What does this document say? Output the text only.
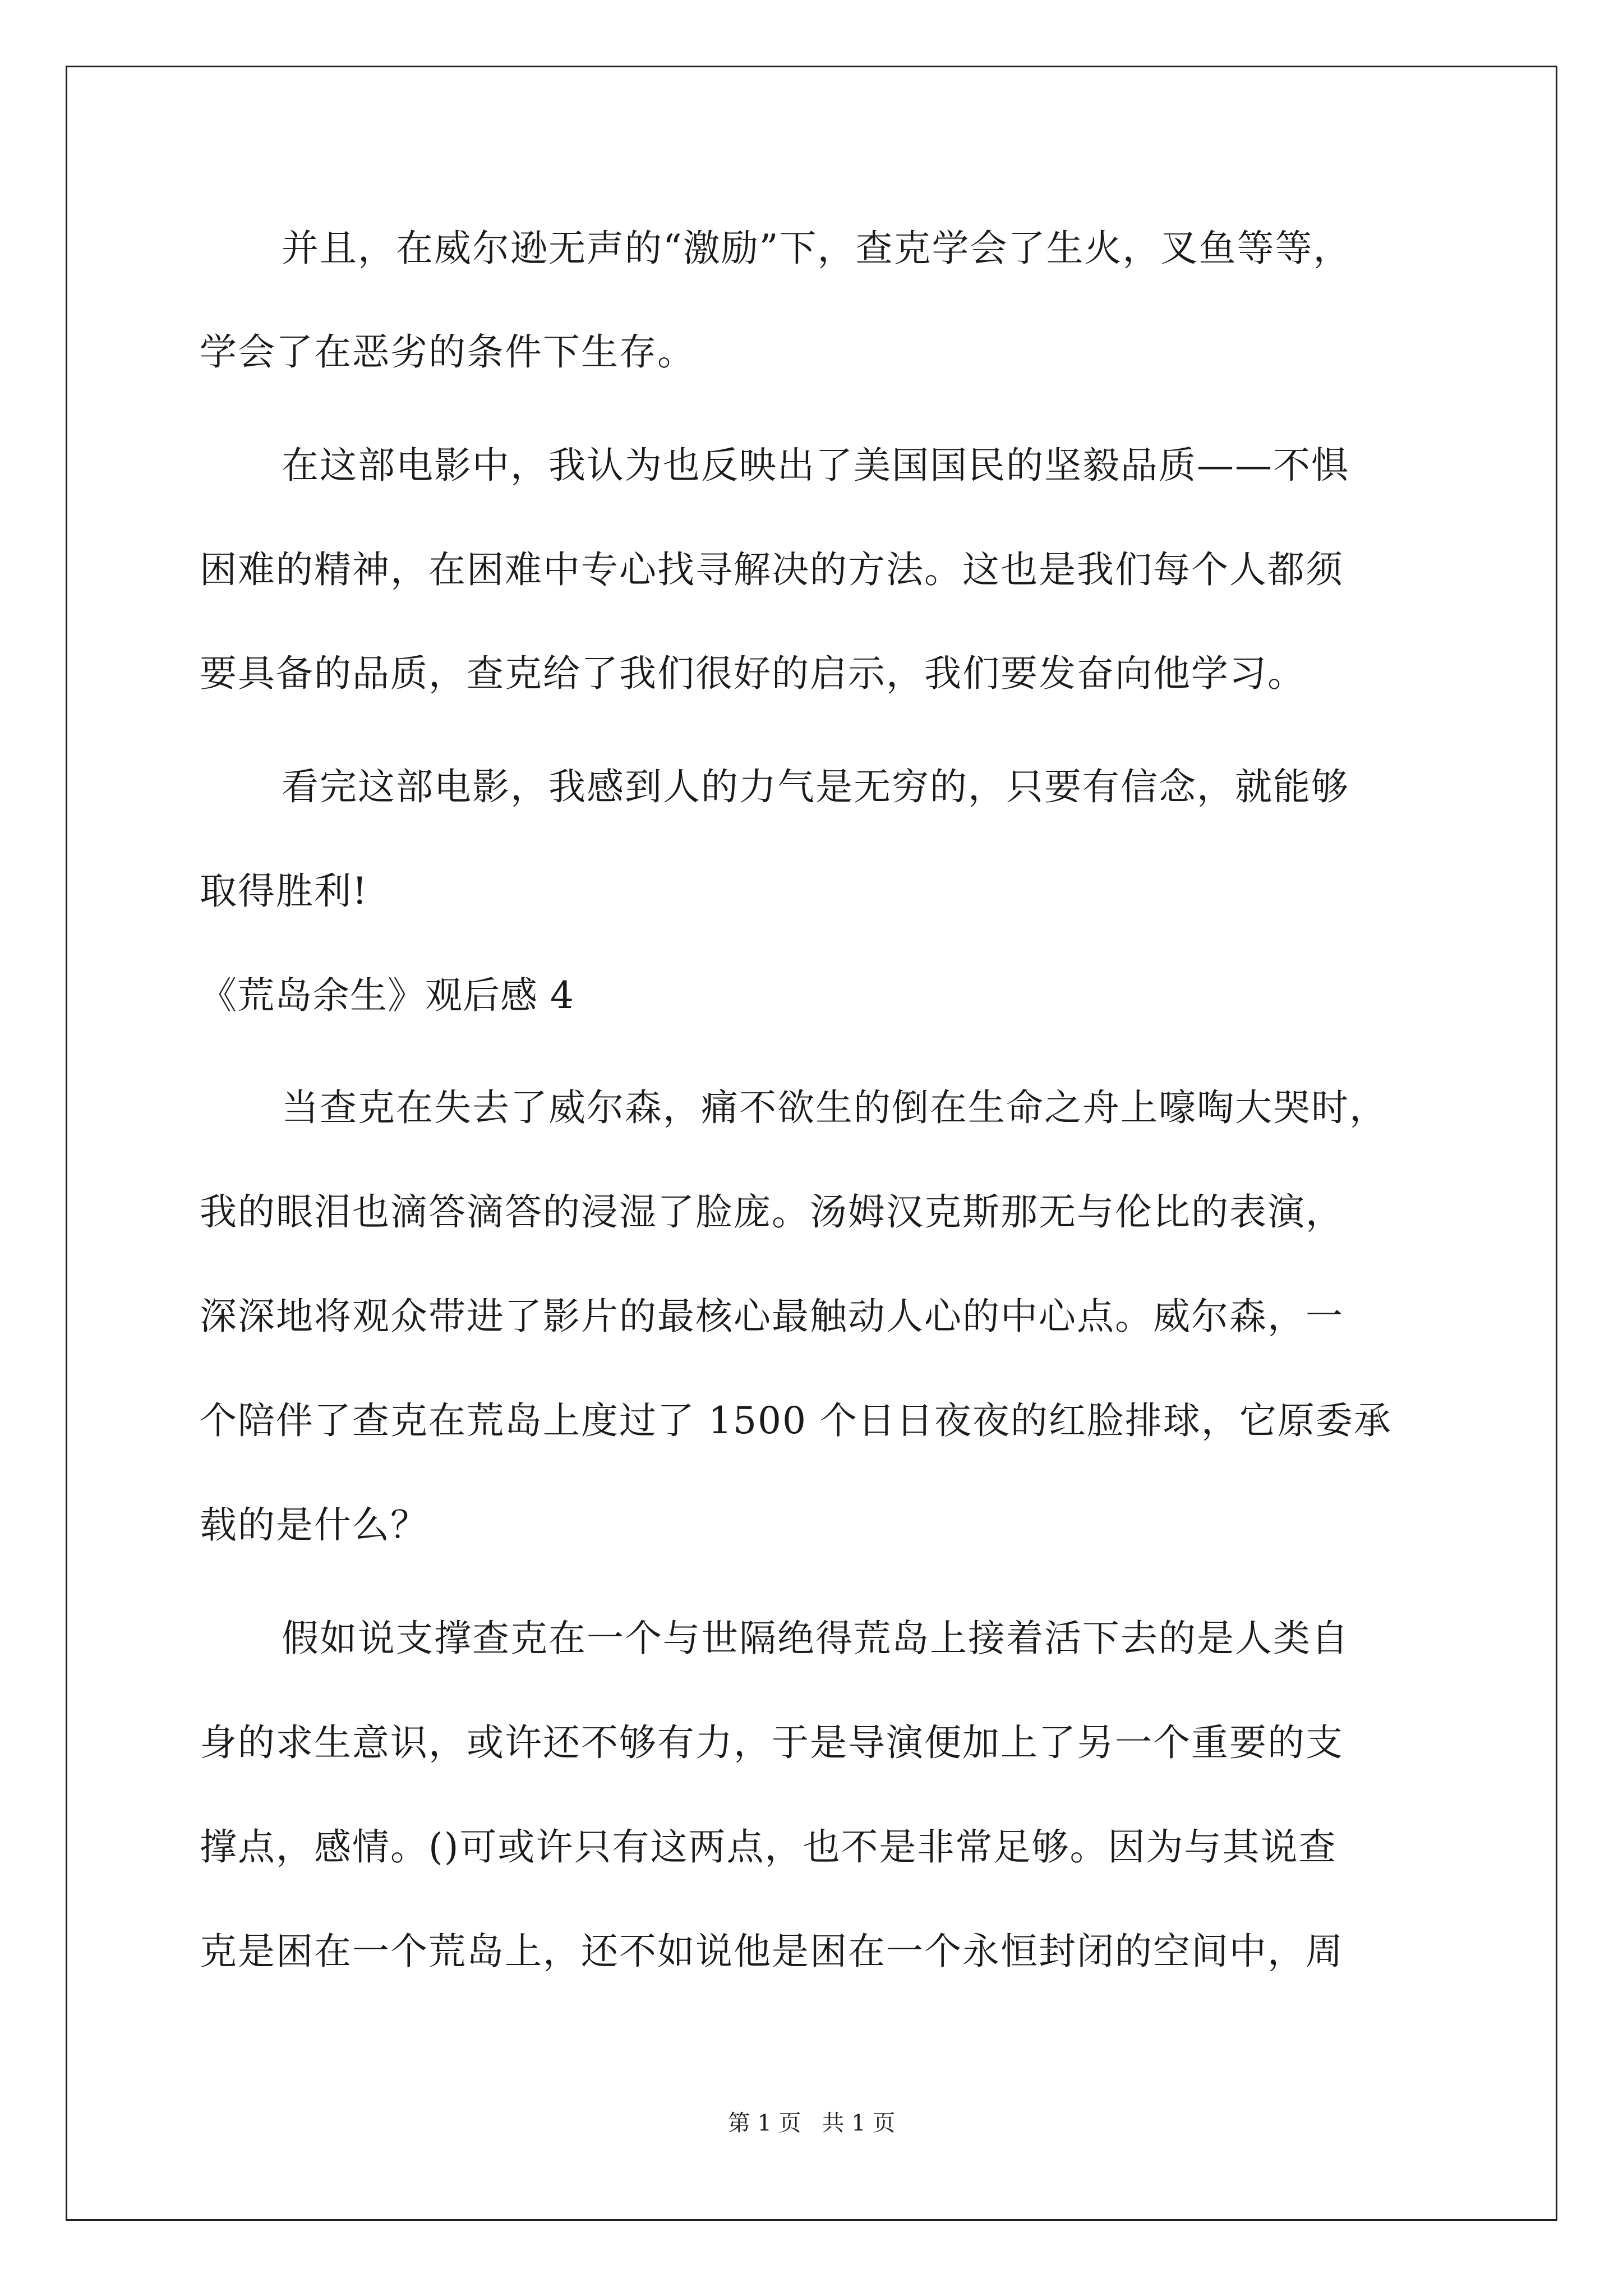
并且，在威尔逊无声的“激励”下，查克学会了生火，叉鱼等等，
学会了在恶劣的条件下生存。
在这部电影中，我认为也反映出了美国国民的坚毅品质——不惧
困难的精神，在困难中专心找寻解决的方法。这也是我们每个人都须
要具备的品质，查克给了我们很好的启示，我们要发奋向他学习。
看完这部电影，我感到人的力气是无穷的，只要有信念，就能够
取得胜利!
《荒岛余生》观后感 4
当查克在失去了威尔森，痛不欲生的倒在生命之舟上嚎啕大哭时，
我的眼泪也滴答滴答的浸湿了脸庞。汤姆汉克斯那无与伦比的表演，
深深地将观众带进了影片的最核心最触动人心的中心点。威尔森，一
个陪伴了查克在荒岛上度过了 1500 个日日夜夜的红脸排球，它原委承
载的是什么？
假如说支撑查克在一个与世隔绝得荒岛上接着活下去的是人类自
身的求生意识，或许还不够有力，于是导演便加上了另一个重要的支
撑点，感情。()可或许只有这两点，也不是非常足够。因为与其说查
克是困在一个荒岛上，还不如说他是困在一个永恒封闭的空间中，周
第 1 页 共 1 页
